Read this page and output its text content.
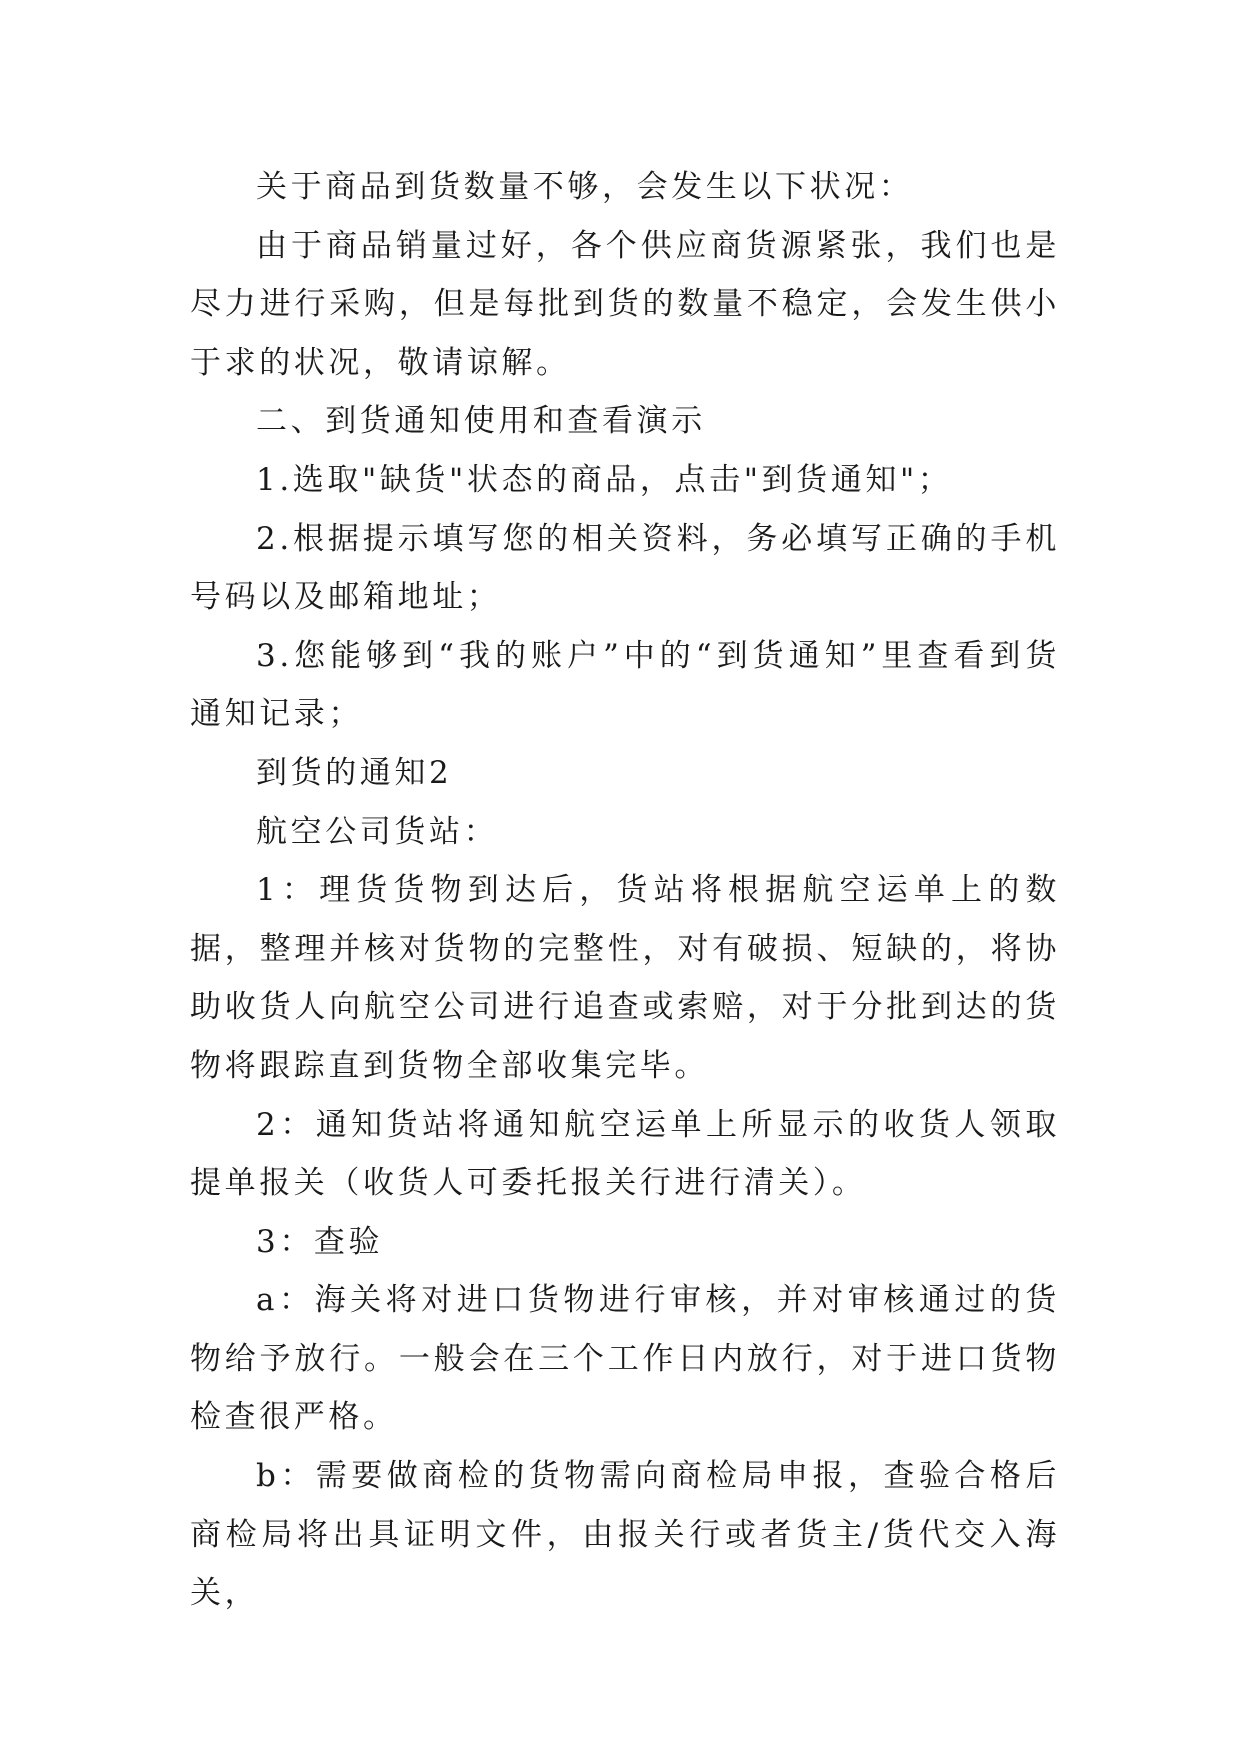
关于商品到货数量不够，会发生以下状况：

由于商品销量过好，各个供应商货源紧张，我们也是尽力进行采购，但是每批到货的数量不稳定，会发生供小于求的状况，敬请谅解。

二、到货通知使用和查看演示

1.选取"缺货"状态的商品，点击"到货通知"；

2.根据提示填写您的相关资料，务必填写正确的手机号码以及邮箱地址；

3.您能够到“我的账户”中的“到货通知”里查看到货通知记录；

到货的通知2

航空公司货站：

1：理货货物到达后，货站将根据航空运单上的数据，整理并核对货物的完整性，对有破损、短缺的，将协助收货人向航空公司进行追查或索赔，对于分批到达的货物将跟踪直到货物全部收集完毕。

2：通知货站将通知航空运单上所显示的收货人领取提单报关（收货人可委托报关行进行清关）。

3：查验

a：海关将对进口货物进行审核，并对审核通过的货物给予放行。一般会在三个工作日内放行，对于进口货物检查很严格。

b：需要做商检的货物需向商检局申报，查验合格后商检局将出具证明文件，由报关行或者货主/货代交入海关，
